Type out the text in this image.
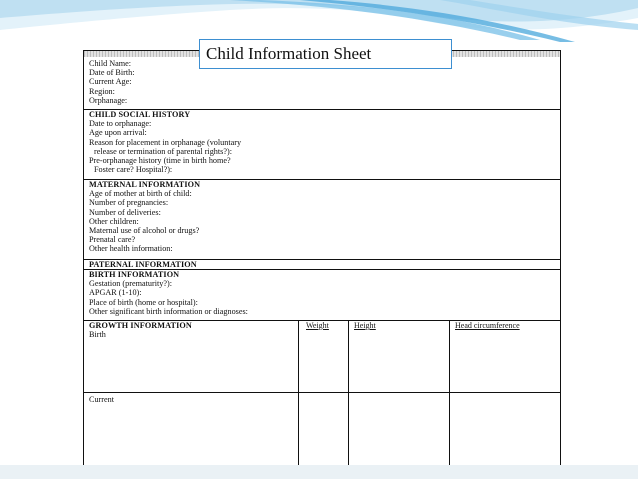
Child Name:
Date of Birth:
Current Age:
Region:
Orphanage:
CHILD SOCIAL HISTORY
Date to orphanage:
Age upon arrival:
Reason for placement in orphanage (voluntary
release or termination of parental rights?):
Pre-orphanage history (time in birth home?
Foster care? Hospital?):
MATERNAL INFORMATION
Age of mother at birth of child:
Number of pregnancies:
Number of deliveries:
Other children:
Maternal use of alcohol or drugs?
Prenatal care?
Other health information:
PATERNAL INFORMATION
BIRTH INFORMATION
Gestation (prematurity?):
APGAR (1-10):
Place of birth (home or hospital):
Other significant birth information or diagnoses:
GROWTH INFORMATION
Birth
Weight	Height	Head circumference
Current
Child Information Sheet
